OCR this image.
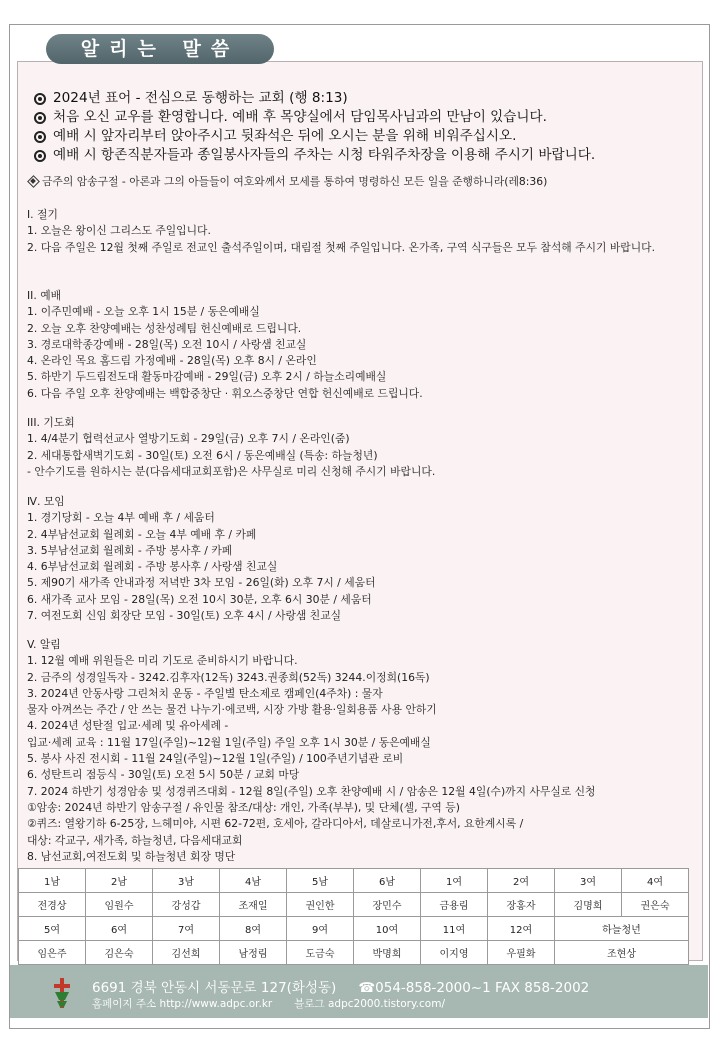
알리는 말씀
2024년 표어 - 전심으로 동행하는 교회 (행 8:13)
처음 오신 교우를 환영합니다. 예배 후 목양실에서 담임목사님과의 만남이 있습니다.
예배 시 앞자리부터 앉아주시고 뒷좌석은 뒤에 오시는 분을 위해 비워주십시오.
예배 시 항존직분자들과 종일봉사자들의 주차는 시청 타워주차장을 이용해 주시기 바랍니다.
금주의 암송구절 - 아론과 그의 아들들이 여호와께서 모세를 통하여 명령하신 모든 일을 준행하니라(레8:36)
I. 절기
1. 오늘은 왕이신 그리스도 주일입니다.
2. 다음 주일은 12월 첫째 주일로 전교인 출석주일이며, 대림절 첫째 주일입니다. 온가족, 구역 식구들은 모두 참석해 주시기 바랍니다.
II. 예배
1. 이주민예배 - 오늘 오후 1시 15분 / 동은예배실
2. 오늘 오후 찬양예배는 성찬성례팀 헌신예배로 드립니다.
3. 경로대학종강예배 - 28일(목) 오전 10시 / 사랑샘 친교실
4. 온라인 목요 홈드림 가정예배 - 28일(목) 오후 8시 / 온라인
5. 하반기 두드림전도대 활동마감예배 - 29일(금) 오후 2시 / 하늘소리예배실
6. 다음 주일 오후 찬양예배는 백합중창단 · 휘오스중창단 연합 헌신예배로 드립니다.
III. 기도회
1. 4/4분기 협력선교사 열방기도회 - 29일(금) 오후 7시 / 온라인(줌)
2. 세대통합새벽기도회 - 30일(토) 오전 6시 / 동은예배실 (특송: 하늘청년)
- 안수기도를 원하시는 분(다음세대교회포함)은 사무실로 미리 신청해 주시기 바랍니다.
Ⅳ. 모임
1. 경기당회 - 오늘 4부 예배 후 / 세움터
2. 4부남선교회 월례회 - 오늘 4부 예배 후 / 카페
3. 5부남선교회 월례회 - 주방 봉사후 / 카페
4. 6부남선교회 월례회 - 주방 봉사후 / 사랑샘 친교실
5. 제90기 새가족 안내과정 저녁반 3차 모임 - 26일(화) 오후 7시 / 세움터
6. 새가족 교사 모임 - 28일(목) 오전 10시 30분, 오후 6시 30분 / 세움터
7. 여전도회 신임 회장단 모임 - 30일(토) 오후 4시 / 사랑샘 친교실
V. 알림
1. 12월 예배 위원들은 미리 기도로 준비하시기 바랍니다.
2. 금주의 성경일독자 - 3242.김후자(12독) 3243.권종희(52독) 3244.이정희(16독)
3. 2024년 안동사랑 그린처치 운동 - 주일별 탄소제로 캠페인(4주차) : 물자
물자 아껴쓰는 주간 / 안 쓰는 물건 나누기·에코백, 시장 가방 활용·일회용품 사용 안하기
4. 2024년 성탄절 입교·세례 및 유아세례 -
입교·세례 교육 : 11월 17일(주일)~12월 1일(주일) 주일 오후 1시 30분 / 동은예배실
5. 봉사 사진 전시회 - 11월 24일(주일)~12월 1일(주일) / 100주년기념관 로비
6. 성탄트리 점등식 - 30일(토) 오전 5시 50분 / 교회 마당
7. 2024 하반기 성경암송 및 성경퀴즈대회 - 12월 8일(주일) 오후 찬양예배 시 / 암송은 12월 4일(수)까지 사무실로 신청
①암송: 2024년 하반기 암송구절 / 유인물 참조/대상: 개인, 가족(부부), 및 단체(셀, 구역 등)
②퀴즈: 열왕기하 6-25장, 느헤미야, 시편 62-72편, 호세아, 갈라디아서, 데살로니가전,후서, 요한계시록 /
대상: 각교구, 새가족, 하늘청년, 다음세대교회
8. 남선교회,여전도회 및 하늘청년 회장 명단
1남	2남	3남	4남	5남	6남	1여	2여	3여	4여
전경상	임원수	강성갑	조재일	권인한	장민수	금용림	장홍자	김명희	권은숙
5여	6여	7여	8여	9여	10여	11여	12여	하늘청년	
임은주	김은숙	김선희	남정림	도금숙	박명희	이지영	우필화	조현상	
6691 경북 안동시 서동문로 127(화성동) ☎054-858-2000~1 FAX 858-2002
홈페이지 주소 http://www.adpc.or.kr 블로그 adpc2000.tistory.com/
